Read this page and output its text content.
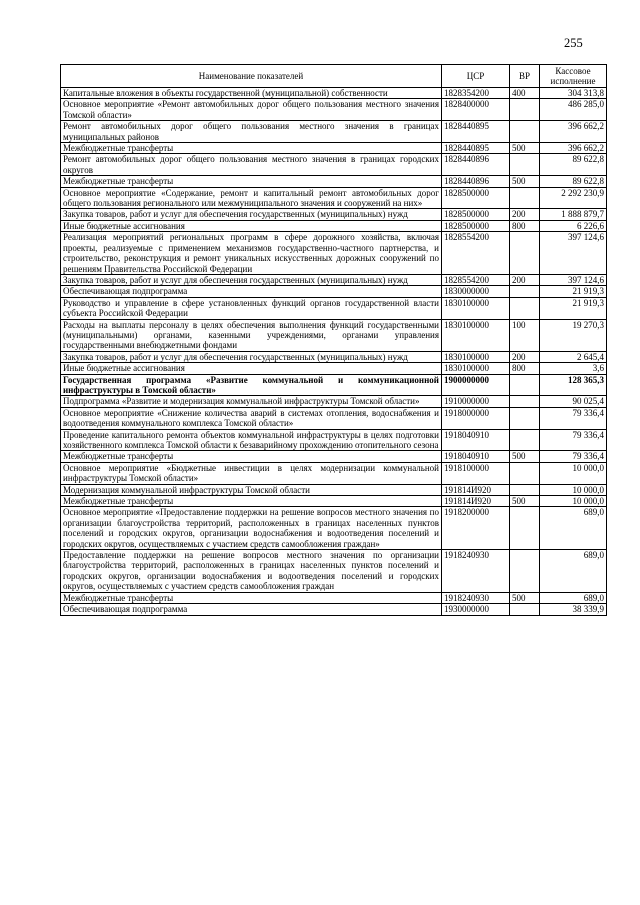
255
Наименование показателей	ЦСР	ВР	Кассовое исполнение
Капитальные вложения в объекты государственной (муниципальной) собственности	1828354200	400	304 313,8
Основное мероприятие «Ремонт автомобильных дорог общего пользования местного значения Томской области»	1828400000		486 285,0
Ремонт автомобильных дорог общего пользования местного значения в границах муниципальных районов	1828440895		396 662,2
Межбюджетные трансферты	1828440895	500	396 662,2
Ремонт автомобильных дорог общего пользования местного значения в границах городских округов	1828440896		89 622,8
Межбюджетные трансферты	1828440896	500	89 622,8
Основное мероприятие «Содержание, ремонт и капитальный ремонт автомобильных дорог общего пользования регионального или межмуниципального значения и сооружений на них»	1828500000		2 292 230,9
Закупка товаров, работ и услуг для обеспечения государственных (муниципальных) нужд	1828500000	200	1 888 879,7
Иные бюджетные ассигнования	1828500000	800	6 226,6
Реализация мероприятий региональных программ в сфере дорожного хозяйства, включая проекты, реализуемые с применением механизмов государственно-частного партнерства, и строительство, реконструкция и ремонт уникальных искусственных дорожных сооружений по решениям Правительства Российской Федерации	1828554200		397 124,6
Закупка товаров, работ и услуг для обеспечения государственных (муниципальных) нужд	1828554200	200	397 124,6
Обеспечивающая подпрограмма	1830000000		21 919,3
Руководство и управление в сфере установленных функций органов государственной власти субъекта Российской Федерации	1830100000		21 919,3
Расходы на выплаты персоналу в целях обеспечения выполнения функций государственными (муниципальными) органами, казенными учреждениями, органами управления государственными внебюджетными фондами	1830100000	100	19 270,3
Закупка товаров, работ и услуг для обеспечения государственных (муниципальных) нужд	1830100000	200	2 645,4
Иные бюджетные ассигнования	1830100000	800	3,6
Государственная программа «Развитие коммунальной и коммуникационной инфраструктуры в Томской области»	1900000000		128 365,3
Подпрограмма «Развитие и модернизация коммунальной инфраструктуры Томской области»	1910000000		90 025,4
Основное мероприятие «Снижение количества аварий в системах отопления, водоснабжения и водоотведения коммунального комплекса Томской области»	1918000000		79 336,4
Проведение капитального ремонта объектов коммунальной инфраструктуры в целях подготовки хозяйственного комплекса Томской области к безаварийному прохождению отопительного сезона	1918040910		79 336,4
Межбюджетные трансферты	1918040910	500	79 336,4
Основное мероприятие «Бюджетные инвестиции в целях модернизации коммунальной инфраструктуры Томской области»	1918100000		10 000,0
Модернизация коммунальной инфраструктуры Томской области	191814И920		10 000,0
Межбюджетные трансферты	191814И920	500	10 000,0
Основное мероприятие «Предоставление поддержки на решение вопросов местного значения по организации благоустройства территорий, расположенных в границах населенных пунктов поселений и городских округов, организации водоснабжения и водоотведения поселений и городских округов, осуществляемых с участием средств самообложения граждан»	1918200000		689,0
Предоставление поддержки на решение вопросов местного значения по организации благоустройства территорий, расположенных в границах населенных пунктов поселений и городских округов, организации водоснабжения и водоотведения поселений и городских округов, осуществляемых с участием средств самообложения граждан	1918240930		689,0
Межбюджетные трансферты	1918240930	500	689,0
Обеспечивающая подпрограмма	1930000000		38 339,9
